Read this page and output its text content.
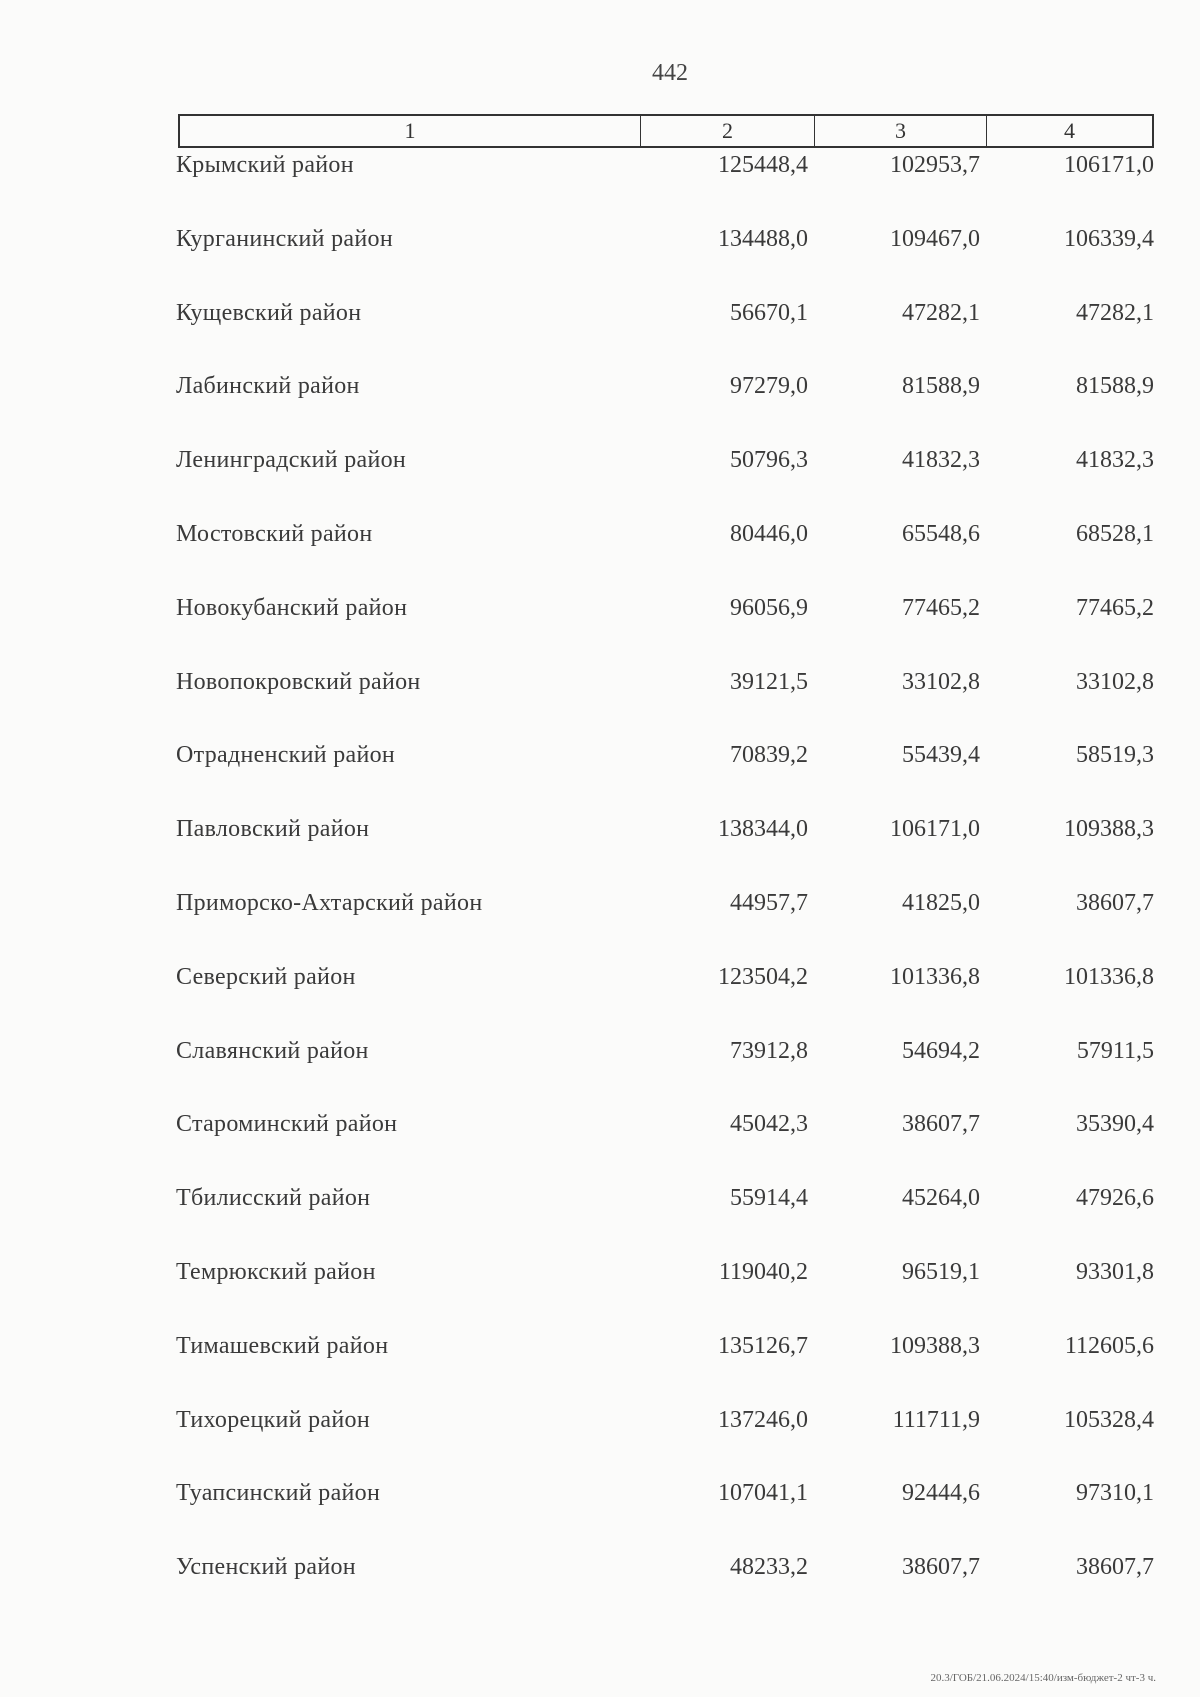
442
1	2	3	4
Крымский район	125448,4	102953,7	106171,0
Курганинский район	134488,0	109467,0	106339,4
Кущевский район	56670,1	47282,1	47282,1
Лабинский район	97279,0	81588,9	81588,9
Ленинградский район	50796,3	41832,3	41832,3
Мостовский район	80446,0	65548,6	68528,1
Новокубанский район	96056,9	77465,2	77465,2
Новопокровский район	39121,5	33102,8	33102,8
Отрадненский район	70839,2	55439,4	58519,3
Павловский район	138344,0	106171,0	109388,3
Приморско-Ахтарский район	44957,7	41825,0	38607,7
Северский район	123504,2	101336,8	101336,8
Славянский район	73912,8	54694,2	57911,5
Староминский район	45042,3	38607,7	35390,4
Тбилисский район	55914,4	45264,0	47926,6
Темрюкский район	119040,2	96519,1	93301,8
Тимашевский район	135126,7	109388,3	112605,6
Тихорецкий район	137246,0	111711,9	105328,4
Туапсинский район	107041,1	92444,6	97310,1
Успенский район	48233,2	38607,7	38607,7
20.3/ГОБ/21.06.2024/15:40/изм-бюджет-2 чт-3 ч.
